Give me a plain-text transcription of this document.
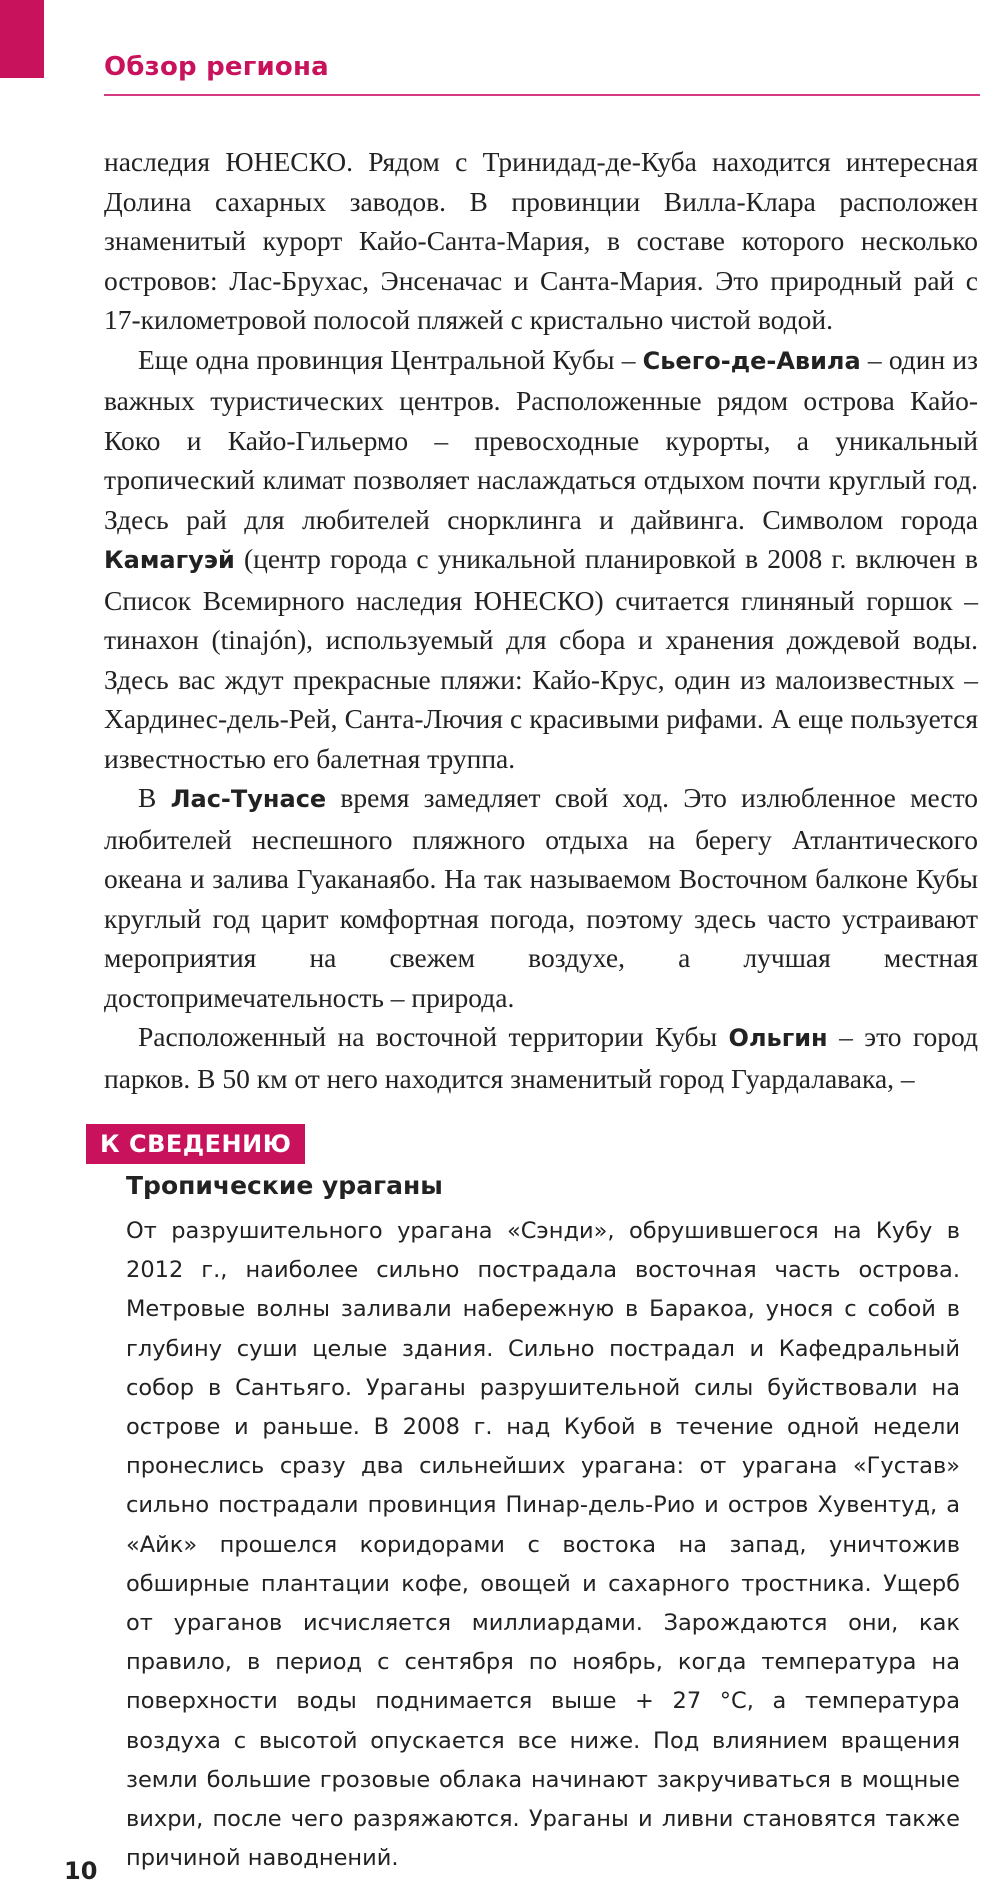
Обзор региона

наследия ЮНЕСКО. Рядом с Тринидад-де-Куба находится интересная Долина сахарных заводов. В провинции Вилла-Клара расположен знаменитый курорт Кайо-Санта-Мария, в составе которого несколько островов: Лас-Брухас, Энсеначас и Санта-Мария. Это природный рай с 17-километровой полосой пляжей с кристально чистой водой.

Еще одна провинция Центральной Кубы – Сьего-де-Авила – один из важных туристических центров. Расположенные рядом острова Кайо-Коко и Кайо-Гильермо – превосходные курорты, а уникальный тропический климат позволяет наслаждаться отдыхом почти круглый год. Здесь рай для любителей снорклинга и дайвинга. Символом города Камагуэй (центр города с уникальной планировкой в 2008 г. включен в Список Всемирного наследия ЮНЕСКО) считается глиняный горшок – тинахон (tinajón), используемый для сбора и хранения дождевой воды. Здесь вас ждут прекрасные пляжи: Кайо-Крус, один из малоизвестных – Хардинес-дель-Рей, Санта-Лючия с красивыми рифами. А еще пользуется известностью его балетная труппа.

В Лас-Тунасе время замедляет свой ход. Это излюбленное место любителей неспешного пляжного отдыха на берегу Атлантического океана и залива Гуаканаябо. На так называемом Восточном балконе Кубы круглый год царит комфортная погода, поэтому здесь часто устраивают мероприятия на свежем воздухе, а лучшая местная достопримечательность – природа.

Расположенный на восточной территории Кубы Ольгин – это город парков. В 50 км от него находится знаменитый город Гуардалавака, –

К СВЕДЕНИЮ
Тропические ураганы

От разрушительного урагана «Сэнди», обрушившегося на Кубу в 2012 г., наиболее сильно пострадала восточная часть острова. Метровые волны заливали набережную в Баракоа, унося с собой в глубину суши целые здания. Сильно пострадал и Кафедральный собор в Сантьяго. Ураганы разрушительной силы буйствовали на острове и раньше. В 2008 г. над Кубой в течение одной недели пронеслись сразу два сильнейших урагана: от урагана «Густав» сильно пострадали провинция Пинар-дель-Рио и остров Хувентуд, а «Айк» прошелся коридорами с востока на запад, уничтожив обширные плантации кофе, овощей и сахарного тростника. Ущерб от ураганов исчисляется миллиардами. Зарождаются они, как правило, в период с сентября по ноябрь, когда температура на поверхности воды поднимается выше + 27 °C, а температура воздуха с высотой опускается все ниже. Под влиянием вращения земли большие грозовые облака начинают закручиваться в мощные вихри, после чего разряжаются. Ураганы и ливни становятся также причиной наводнений.

10
